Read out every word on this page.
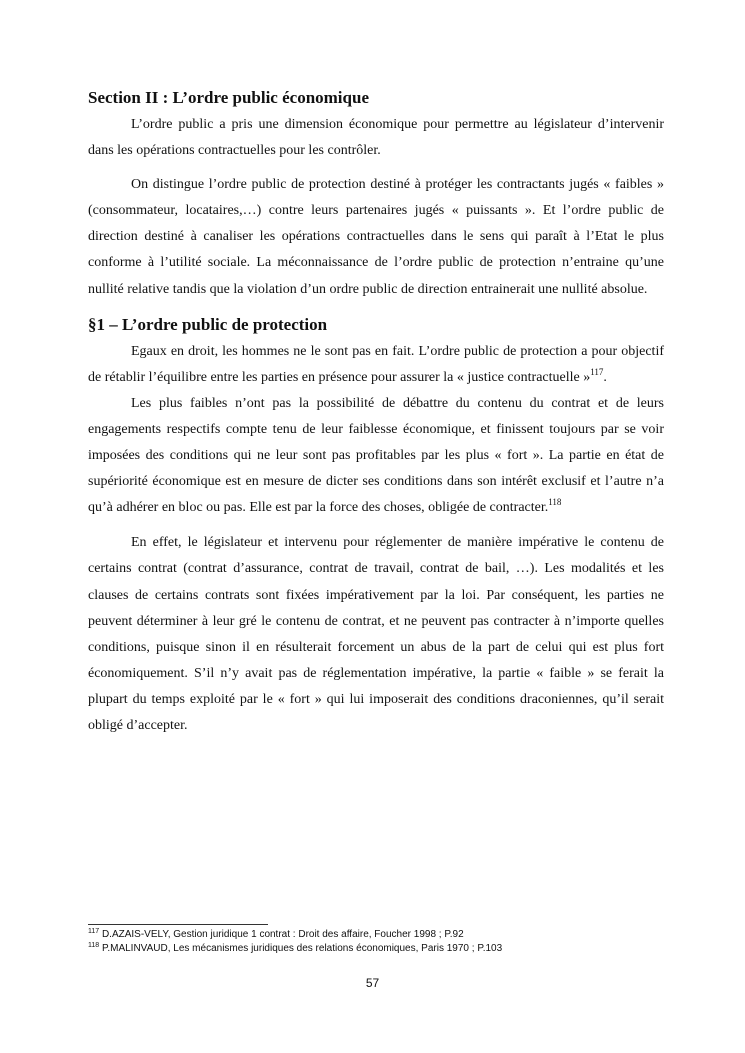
Section II : L’ordre public économique

L’ordre public a pris une dimension économique pour permettre au législateur d’intervenir dans les opérations contractuelles pour les contrôler.

On distingue l’ordre public de protection destiné à protéger les contractants jugés « faibles » (consommateur, locataires,…) contre leurs partenaires jugés « puissants ». Et l’ordre public de direction destiné à canaliser les opérations contractuelles dans le sens qui paraît à l’Etat le plus conforme à l’utilité sociale. La méconnaissance de l’ordre public de protection n’entraine qu’une nullité relative tandis que la violation d’un ordre public de direction entrainerait une nullité absolue.

§1 – L’ordre public de protection

Egaux en droit, les hommes ne le sont pas en fait. L’ordre public de protection a pour objectif de rétablir l’équilibre entre les parties en présence pour assurer la « justice contractuelle »$^{117}$.

Les plus faibles n’ont pas la possibilité de débattre du contenu du contrat et de leurs engagements respectifs compte tenu de leur faiblesse économique, et finissent toujours par se voir imposées des conditions qui ne leur sont pas profitables par les plus « fort ». La partie en état de supériorité économique est en mesure de dicter ses conditions dans son intérêt exclusif et l’autre n’a qu’à adhérer en bloc ou pas. Elle est par la force des choses, obligée de contracter.$^{118}$

En effet, le législateur et intervenu pour réglementer de manière impérative le contenu de certains contrat (contrat d’assurance, contrat de travail, contrat de bail, …). Les modalités et les clauses de certains contrats sont fixées impérativement par la loi. Par conséquent, les parties ne peuvent déterminer à leur gré le contenu de contrat, et ne peuvent pas contracter à n’importe quelles conditions, puisque sinon il en résulterait forcement un abus de la part de celui qui est plus fort économiquement. S’il n’y avait pas de réglementation impérative, la partie « faible » se ferait la plupart du temps exploité par le « fort » qui lui imposerait des conditions draconiennes, qu’il serait obligé d’accepter.

$^{117}$ D.AZAIS-VELY, Gestion juridique 1 contrat : Droit des affaire, Foucher 1998 ; P.92
$^{118}$ P.MALINVAUD, Les mécanismes juridiques des relations économiques, Paris 1970 ; P.103
57
